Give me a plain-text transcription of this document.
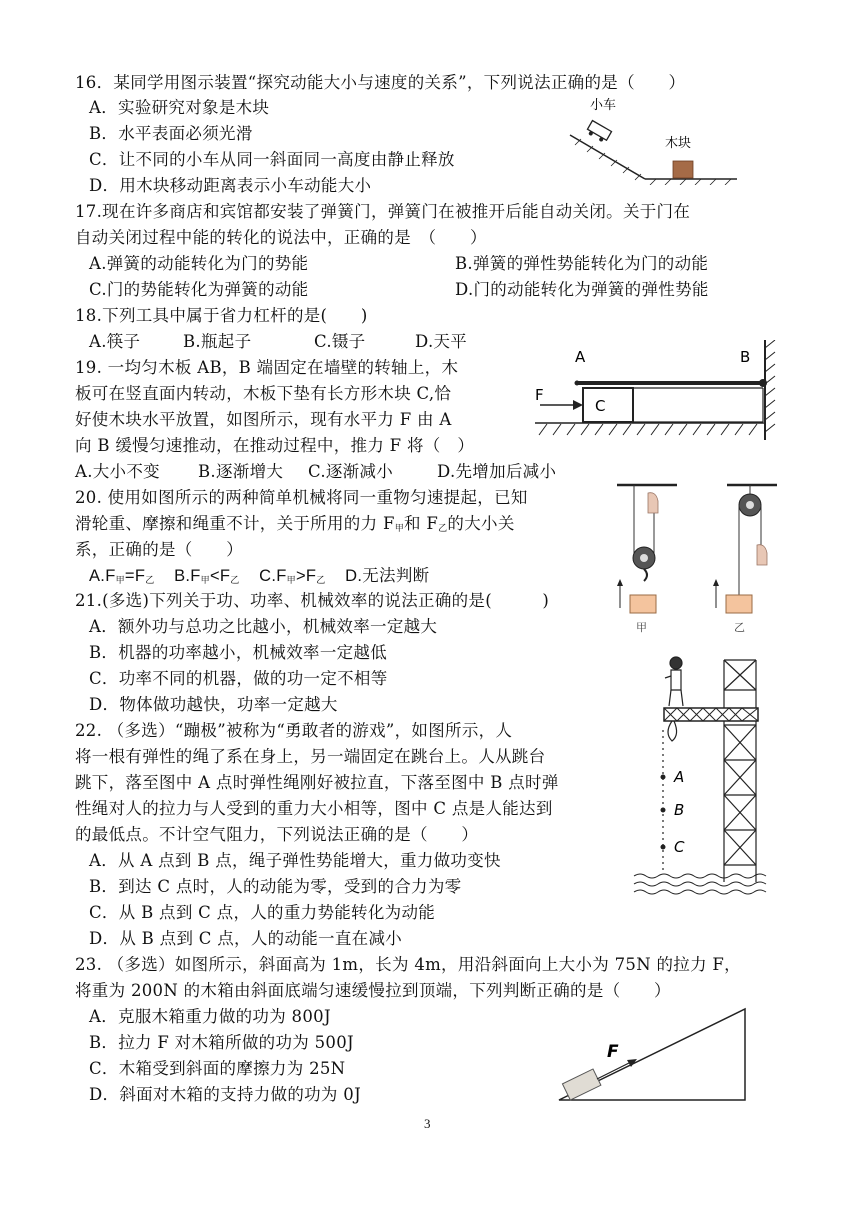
16．某同学用图示装置“探究动能大小与速度的关系”，下列说法正确的是（　　）
A．实验研究对象是木块
B．水平表面必须光滑
C．让不同的小车从同一斜面同一高度由静止释放
D．用木块移动距离表示小车动能大小
小车
木块
17.现在许多商店和宾馆都安装了弹簧门，弹簧门在被推开后能自动关闭。关于门在
自动关闭过程中能的转化的说法中，正确的是　（　　）
A.弹簧的动能转化为门的势能	B.弹簧的弹性势能转化为门的动能
C.门的势能转化为弹簧的动能	D.门的动能转化为弹簧的弹性势能
18.下列工具中属于省力杠杆的是(　　)
A.筷子	B.瓶起子	C.镊子	D.天平
19. 一均匀木板 AB，B 端固定在墙壁的转轴上，木
板可在竖直面内转动，木板下垫有长方形木块 C,恰
好使木块水平放置，如图所示，现有水平力 F 由 A
向 B 缓慢匀速推动，在推动过程中，推力 F 将（　）
A.大小不变 B.逐渐增大 C.逐渐减小	D.先增加后减小
A	B
C
F
20. 使用如图所示的两种简单机械将同一重物匀速提起，已知
滑轮重、摩擦和绳重不计，关于所用的力 $F_甲$和 $F_乙$的大小关
系，正确的是（　　）
$A.F_甲=F_乙$ $B.F_甲<F_乙$ $C.F_甲>F_乙$ D.无法判断
甲	乙
21.(多选)下列关于功、功率、机械效率的说法正确的是(　　　)
A．额外功与总功之比越小，机械效率一定越大
B．机器的功率越小，机械效率一定越低
C．功率不同的机器，做的功一定不相等
D．物体做功越快，功率一定越大
22. （多选）“蹦极”被称为“勇敢者的游戏”，如图所示，人
将一根有弹性的绳了系在身上，另一端固定在跳台上。人从跳台
跳下，落至图中 A 点时弹性绳刚好被拉直，下落至图中 B 点时弹
性绳对人的拉力与人受到的重力大小相等，图中 C 点是人能达到
的最低点。不计空气阻力，下列说法正确的是（　　）
A．从 A 点到 B 点，绳子弹性势能增大，重力做功变快
B．到达 C 点时，人的动能为零，受到的合力为零
C．从 B 点到 C 点，人的重力势能转化为动能
D．从 B 点到 C 点，人的动能一直在减小
A
B
C
23. （多选）如图所示，斜面高为 1m，长为 4m，用沿斜面向上大小为 75N 的拉力 F，
将重为 200N 的木箱由斜面底端匀速缓慢拉到顶端，下列判断正确的是（　　）
A．克服木箱重力做的功为 800J
B．拉力 F 对木箱所做的功为 500J
C．木箱受到斜面的摩擦力为 25N
D．斜面对木箱的支持力做的功为 0J
F
3
